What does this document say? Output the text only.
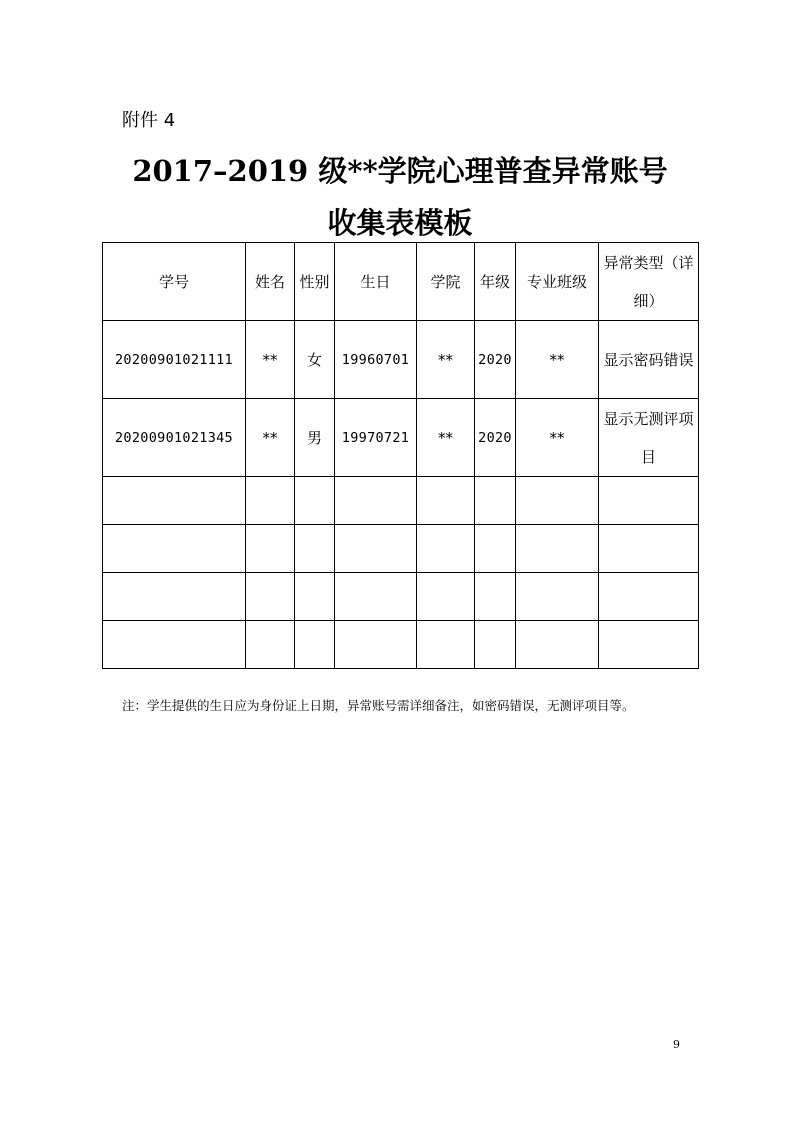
附件 4
2017–2019 级**学院心理普查异常账号
收集表模板
学号	姓名	性别	生日	学院	年级	专业班级	异常类型（详细）
20200901021111	**	女	19960701	**	2020	**	显示密码错误
20200901021345	**	男	19970721	**	2020	**	显示无测评项目

注：学生提供的生日应为身份证上日期，异常账号需详细备注，如密码错误，无测评项目等。
9
